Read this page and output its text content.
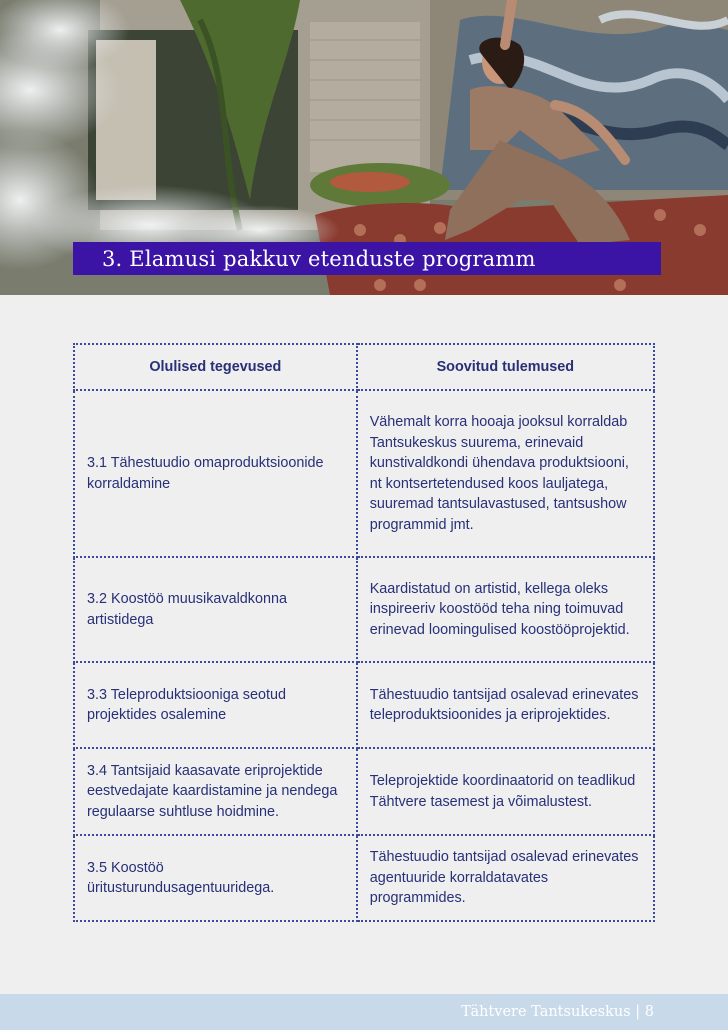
3. Elamusi pakkuv etenduste programm
Olulised tegevused	Soovitud tulemused
3.1 Tähestuudio omaproduktsioonide korraldamine	Vähemalt korra hooaja jooksul korraldab Tantsukeskus suurema, erinevaid kunstivaldkondi ühendava produktsiooni, nt kontsertetendused koos lauljatega, suuremad tantsulavastused, tantsushow programmid jmt.
3.2 Koostöö muusikavaldkonna artistidega	Kaardistatud on artistid, kellega oleks inspireeriv koostööd teha ning toimuvad erinevad loomingulised koostööprojektid.
3.3 Teleproduktsiooniga seotud projektides osalemine	Tähestuudio tantsijad osalevad erinevates teleproduktsioonides ja eriprojektides.
3.4 Tantsijaid kaasavate eriprojektide eestvedajate kaardistamine ja nendega regulaarse suhtluse hoidmine.	Teleprojektide koordinaatorid on teadlikud Tähtvere tasemest ja võimalustest.
3.5 Koostöö üritusturundusagentuuridega.	Tähestuudio tantsijad osalevad erinevates agentuuride korraldatavates programmides.
Tähtvere Tantsukeskus | 8
